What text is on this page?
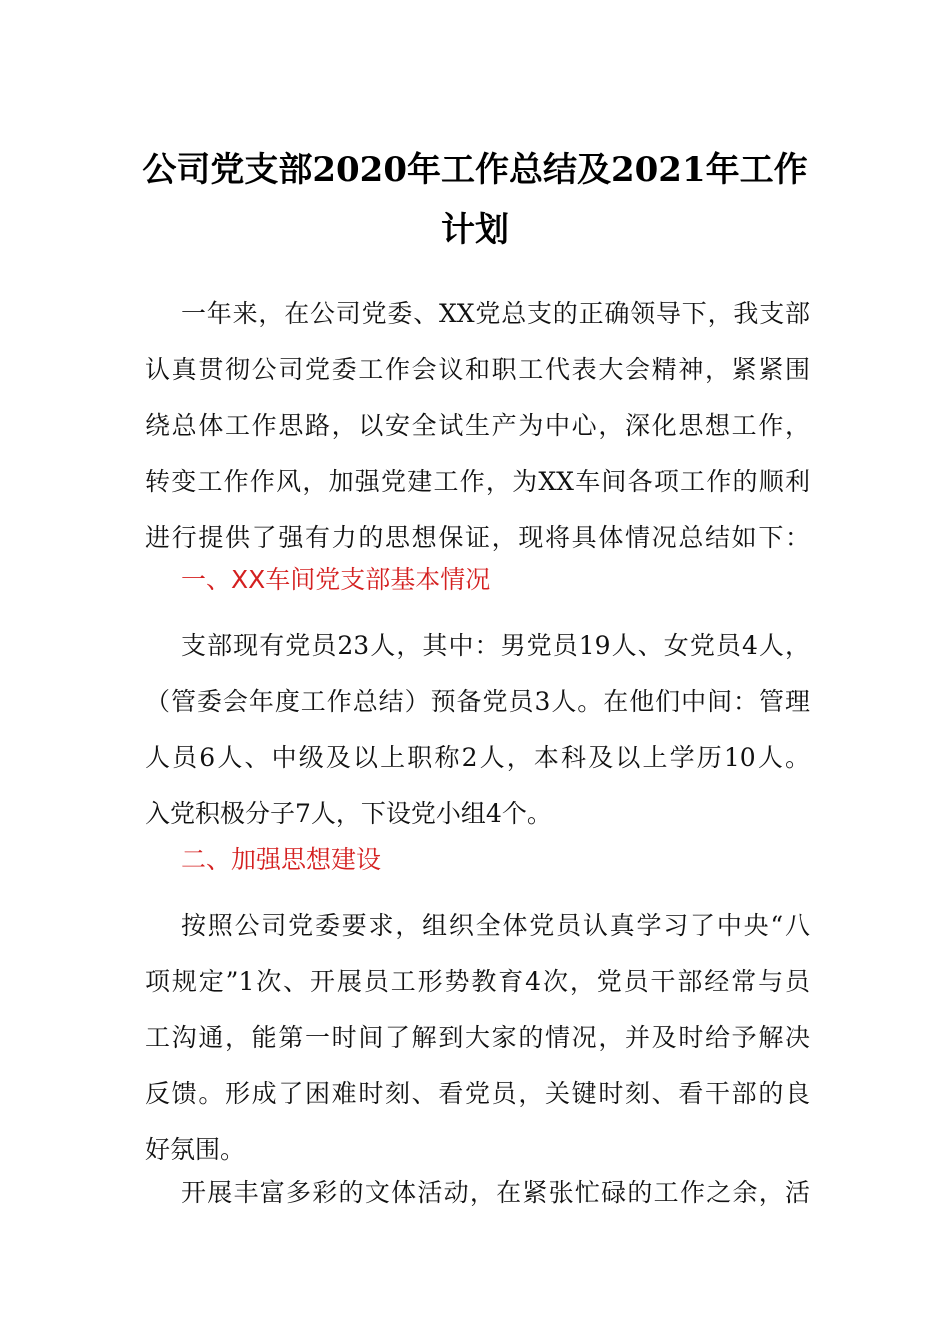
公司党支部2020年工作总结及2021年工作
计划
一年来，在公司党委、XX党总支的正确领导下，我支部
认真贯彻公司党委工作会议和职工代表大会精神，紧紧围
绕总体工作思路，以安全试生产为中心，深化思想工作，
转变工作作风，加强党建工作，为XX车间各项工作的顺利
进行提供了强有力的思想保证，现将具体情况总结如下：
一、XX车间党支部基本情况
支部现有党员23人，其中：男党员19人、女党员4人，
（管委会年度工作总结）预备党员3人。在他们中间：管理
人员6人、中级及以上职称2人，本科及以上学历10人。
入党积极分子7人，下设党小组4个。
二、加强思想建设
按照公司党委要求，组织全体党员认真学习了中央“八
项规定”1次、开展员工形势教育4次，党员干部经常与员
工沟通，能第一时间了解到大家的情况，并及时给予解决
反馈。形成了困难时刻、看党员，关键时刻、看干部的良
好氛围。
开展丰富多彩的文体活动，在紧张忙碌的工作之余，活
